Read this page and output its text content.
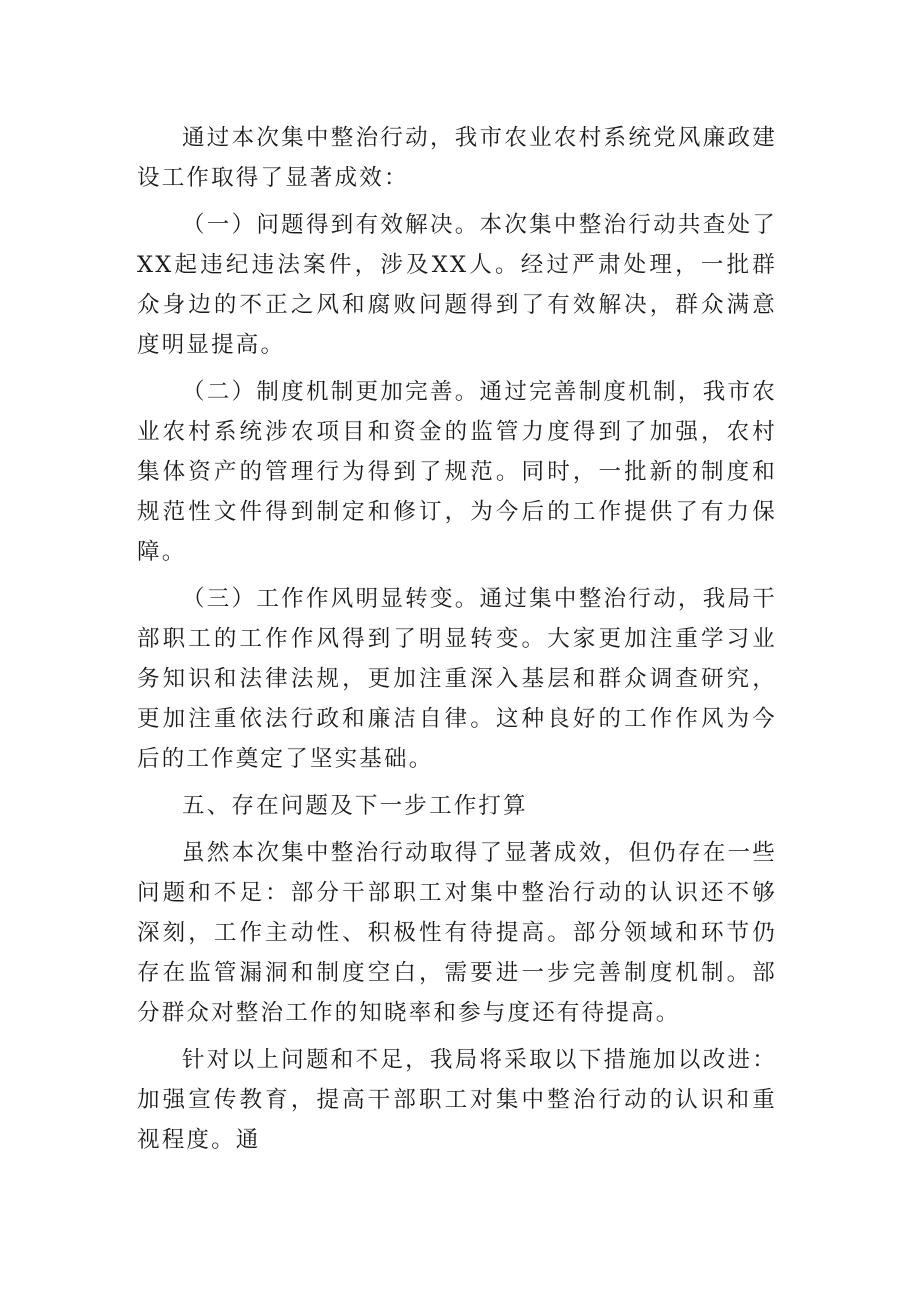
通过本次集中整治行动，我市农业农村系统党风廉政建设工作取得了显著成效：

（一）问题得到有效解决。本次集中整治行动共查处了XX起违纪违法案件，涉及XX人。经过严肃处理，一批群众身边的不正之风和腐败问题得到了有效解决，群众满意度明显提高。

（二）制度机制更加完善。通过完善制度机制，我市农业农村系统涉农项目和资金的监管力度得到了加强，农村集体资产的管理行为得到了规范。同时，一批新的制度和规范性文件得到制定和修订，为今后的工作提供了有力保障。

（三）工作作风明显转变。通过集中整治行动，我局干部职工的工作作风得到了明显转变。大家更加注重学习业务知识和法律法规，更加注重深入基层和群众调查研究，更加注重依法行政和廉洁自律。这种良好的工作作风为今后的工作奠定了坚实基础。

五、存在问题及下一步工作打算

虽然本次集中整治行动取得了显著成效，但仍存在一些问题和不足：部分干部职工对集中整治行动的认识还不够深刻，工作主动性、积极性有待提高。部分领域和环节仍存在监管漏洞和制度空白，需要进一步完善制度机制。部分群众对整治工作的知晓率和参与度还有待提高。

针对以上问题和不足，我局将采取以下措施加以改进：加强宣传教育，提高干部职工对集中整治行动的认识和重视程度。通
